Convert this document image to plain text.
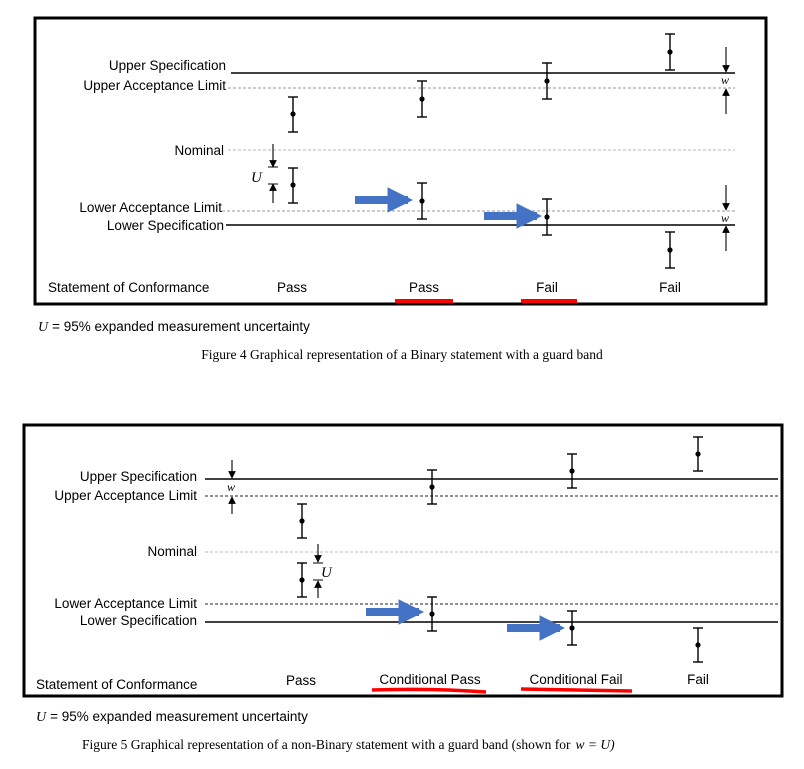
Upper Specification
Upper Acceptance Limit
Nominal
Lower Acceptance Limit
Lower Specification
Statement of Conformance
U
w
w
Pass	Pass	Fail	Fail
U = 95% expanded measurement uncertainty
Figure 4 Graphical representation of a Binary statement with a guard band
Upper Specification
Upper Acceptance Limit
Nominal
Lower Acceptance Limit
Lower Specification
Statement of Conformance
w
U
Pass	Conditional Pass	Conditional Fail	Fail
U = 95% expanded measurement uncertainty
Figure 5 Graphical representation of a non-Binary statement with a guard band (shown for w = U)
